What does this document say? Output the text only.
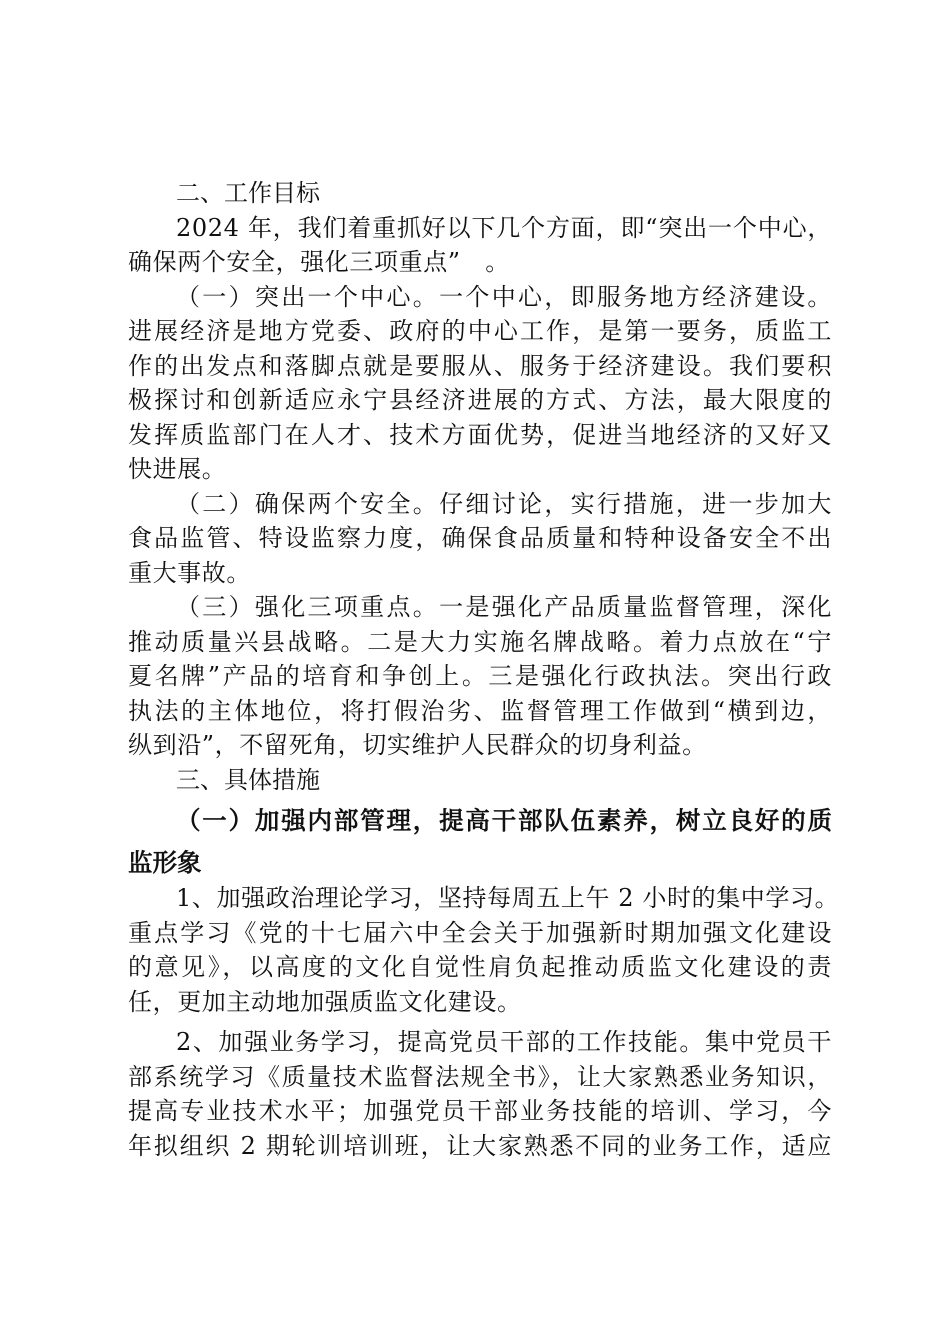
二、工作目标
2024 年，我们着重抓好以下几个方面，即“突出一个中心，
确保两个安全，强化三项重点”　。
（一）突出一个中心。一个中心，即服务地方经济建设。
进展经济是地方党委、政府的中心工作，是第一要务，质监工
作的出发点和落脚点就是要服从、服务于经济建设。我们要积
极探讨和创新适应永宁县经济进展的方式、方法，最大限度的
发挥质监部门在人才、技术方面优势，促进当地经济的又好又
快进展。
（二）确保两个安全。仔细讨论，实行措施，进一步加大
食品监管、特设监察力度，确保食品质量和特种设备安全不出
重大事故。
（三）强化三项重点。一是强化产品质量监督管理，深化
推动质量兴县战略。二是大力实施名牌战略。着力点放在“宁
夏名牌”产品的培育和争创上。三是强化行政执法。突出行政
执法的主体地位，将打假治劣、监督管理工作做到“横到边，
纵到沿”，不留死角，切实维护人民群众的切身利益。
三、具体措施
（一）加强内部管理，提高干部队伍素养，树立良好的质
监形象
1、加强政治理论学习，坚持每周五上午 2 小时的集中学习。
重点学习《党的十七届六中全会关于加强新时期加强文化建设
的意见》，以高度的文化自觉性肩负起推动质监文化建设的责
任，更加主动地加强质监文化建设。
2、加强业务学习，提高党员干部的工作技能。集中党员干
部系统学习《质量技术监督法规全书》，让大家熟悉业务知识，
提高专业技术水平；加强党员干部业务技能的培训、学习，今
年拟组织 2 期轮训培训班，让大家熟悉不同的业务工作，适应
